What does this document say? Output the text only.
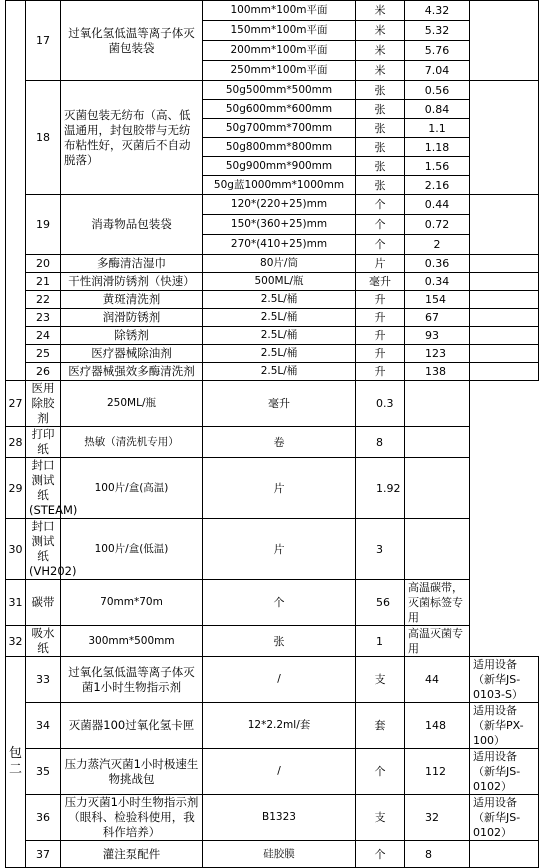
	17	过氧化氢低温等离子体灭菌包装袋	100mm*100m平面	米	4.32	
			150mm*100m平面	米	5.32	
			200mm*100m平面	米	5.76	
			250mm*100m平面	米	7.04	
	18	灭菌包装无纺布（高、低温通用，封包胶带与无纺布粘性好，灭菌后不自动脱落）	50g500mm*500mm	张	0.56	
			50g600mm*600mm	张	0.84	
			50g700mm*700mm	张	1.1	
			50g800mm*800mm	张	1.18	
			50g900mm*900mm	张	1.56	
			50g蓝1000mm*1000mm	张	2.16	
	19	消毒物品包装袋	120*(220+25)mm	个	0.44	
			150*(360+25)mm	个	0.72	
			270*(410+25)mm	个	2	
	20	多酶清洁湿巾	80片/筒	片	0.36	
	21	干性润滑防锈剂（快速）	500ML/瓶	毫升	0.34	
	22	黄斑清洗剂	2.5L/桶	升	154	
	23	润滑防锈剂	2.5L/桶	升	67	
	24	除锈剂	2.5L/桶	升	93	
	25	医疗器械除油剂	2.5L/桶	升	123	
	26	医疗器械强效多酶清洗剂	2.5L/桶	升	138	
27	医用除胶剂	250ML/瓶	毫升	0.3		
28	打印纸	热敏（清洗机专用）	卷	8		
29	封口测试纸(STEAM)	100片/盒(高温)	片	1.92		
30	封口测试纸(VH202)	100片/盒(低温)	片	3		
31	碳带	70mm*70m	个	56	高温碳带，灭菌标签专用	
32	吸水纸	300mm*500mm	张	1	高温灭菌专用	
包二	33	过氧化氢低温等离子体灭菌1小时生物指示剂	/	支	44	适用设备（新华JS-0103-S）
	34	灭菌器100过氧化氢卡匣	12*2.2ml/套	套	148	适用设备（新华PX-100）
	35	压力蒸汽灭菌1小时极速生物挑战包	/	个	112	适用设备（新华JS-0102）
	36	压力灭菌1小时生物指示剂（眼科、检验科使用，我科作培养）	B1323	支	32	适用设备（新华JS-0102）
	37	灌注泵配件	硅胶膜	个	8	
